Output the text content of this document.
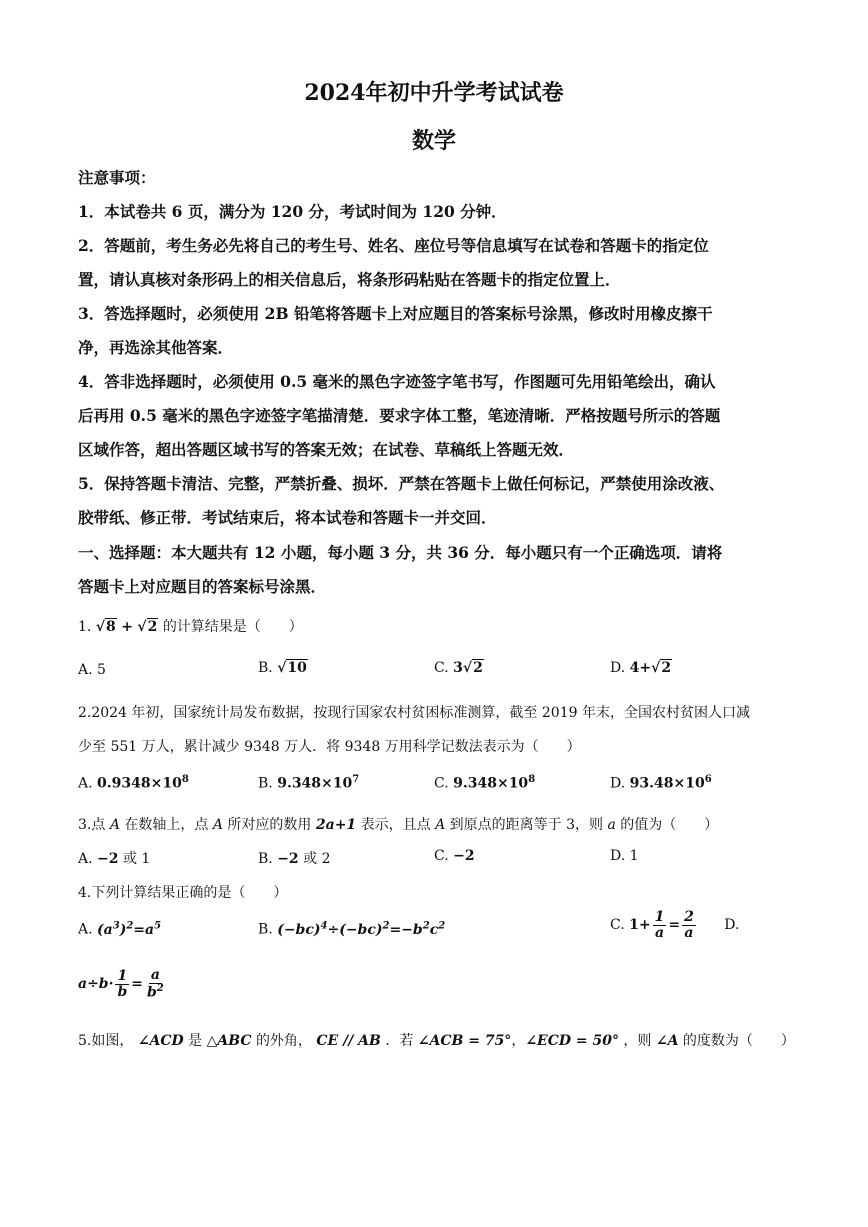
2024年初中升学考试试卷
数学
注意事项：
1．本试卷共 6 页，满分为 120 分，考试时间为 120 分钟．
2．答题前，考生务必先将自己的考生号、姓名、座位号等信息填写在试卷和答题卡的指定位
置，请认真核对条形码上的相关信息后，将条形码粘贴在答题卡的指定位置上．
3．答选择题时，必须使用 2B 铅笔将答题卡上对应题目的答案标号涂黑，修改时用橡皮擦干
净，再选涂其他答案．
4．答非选择题时，必须使用 0.5 毫米的黑色字迹签字笔书写，作图题可先用铅笔绘出，确认
后再用 0.5 毫米的黑色字迹签字笔描清楚．要求字体工整，笔迹清晰．严格按题号所示的答题
区域作答，超出答题区域书写的答案无效；在试卷、草稿纸上答题无效．
5．保持答题卡清洁、完整，严禁折叠、损坏．严禁在答题卡上做任何标记，严禁使用涂改液、
胶带纸、修正带．考试结束后，将本试卷和答题卡一并交回．
一、选择题：本大题共有 12 小题，每小题 3 分，共 36 分．每小题只有一个正确选项．请将
答题卡上对应题目的答案标号涂黑．
1. √8 + √2 的计算结果是（　　）
A. 5	B. √10	C. 3√2	D. 4+√2
2.2024 年初，国家统计局发布数据，按现行国家农村贫困标准测算，截至 2019 年末，全国农村贫困人口减
少至 551 万人，累计减少 9348 万人．将 9348 万用科学记数法表示为（　　）
A. $0.9348\times 10^8$	B. $9.348\times 10^7$	C. $9.348\times 10^8$	D. $93.48\times 10^6$
3.点 A 在数轴上，点 A 所对应的数用 2a+1 表示，且点 A 到原点的距离等于 3，则 a 的值为（　　）
A. −2 或 1	B. −2 或 2	C. −2	D. 1
4.下列计算结果正确的是（　　）
A. $(a^3)^2=a^5$	B. $(-bc)^4\div(-bc)^2=-b^2c^2$	C. $1+ \frac{1}{a} = \frac{2}{a} D$.
$a\div b\cdot \frac{1}{b} = \frac{a}{b^2}$
5.如图， ∠ACD 是 △ABC 的外角， CE // AB ．若 ∠ACB = 75°，∠ECD = 50° ，则 ∠A 的度数为（　　）
